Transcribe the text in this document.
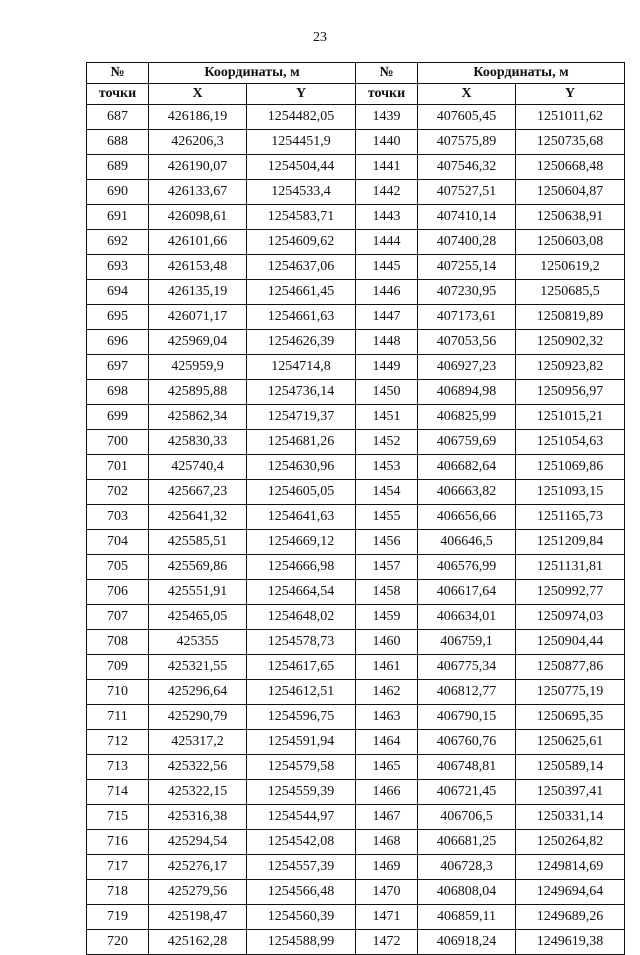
23
№	Координаты, м		№	Координаты, м	
точки	X	Y	точки	X	Y
687	426186,19	1254482,05	1439	407605,45	1251011,62
688	426206,3	1254451,9	1440	407575,89	1250735,68
689	426190,07	1254504,44	1441	407546,32	1250668,48
690	426133,67	1254533,4	1442	407527,51	1250604,87
691	426098,61	1254583,71	1443	407410,14	1250638,91
692	426101,66	1254609,62	1444	407400,28	1250603,08
693	426153,48	1254637,06	1445	407255,14	1250619,2
694	426135,19	1254661,45	1446	407230,95	1250685,5
695	426071,17	1254661,63	1447	407173,61	1250819,89
696	425969,04	1254626,39	1448	407053,56	1250902,32
697	425959,9	1254714,8	1449	406927,23	1250923,82
698	425895,88	1254736,14	1450	406894,98	1250956,97
699	425862,34	1254719,37	1451	406825,99	1251015,21
700	425830,33	1254681,26	1452	406759,69	1251054,63
701	425740,4	1254630,96	1453	406682,64	1251069,86
702	425667,23	1254605,05	1454	406663,82	1251093,15
703	425641,32	1254641,63	1455	406656,66	1251165,73
704	425585,51	1254669,12	1456	406646,5	1251209,84
705	425569,86	1254666,98	1457	406576,99	1251131,81
706	425551,91	1254664,54	1458	406617,64	1250992,77
707	425465,05	1254648,02	1459	406634,01	1250974,03
708	425355	1254578,73	1460	406759,1	1250904,44
709	425321,55	1254617,65	1461	406775,34	1250877,86
710	425296,64	1254612,51	1462	406812,77	1250775,19
711	425290,79	1254596,75	1463	406790,15	1250695,35
712	425317,2	1254591,94	1464	406760,76	1250625,61
713	425322,56	1254579,58	1465	406748,81	1250589,14
714	425322,15	1254559,39	1466	406721,45	1250397,41
715	425316,38	1254544,97	1467	406706,5	1250331,14
716	425294,54	1254542,08	1468	406681,25	1250264,82
717	425276,17	1254557,39	1469	406728,3	1249814,69
718	425279,56	1254566,48	1470	406808,04	1249694,64
719	425198,47	1254560,39	1471	406859,11	1249689,26
720	425162,28	1254588,99	1472	406918,24	1249619,38
